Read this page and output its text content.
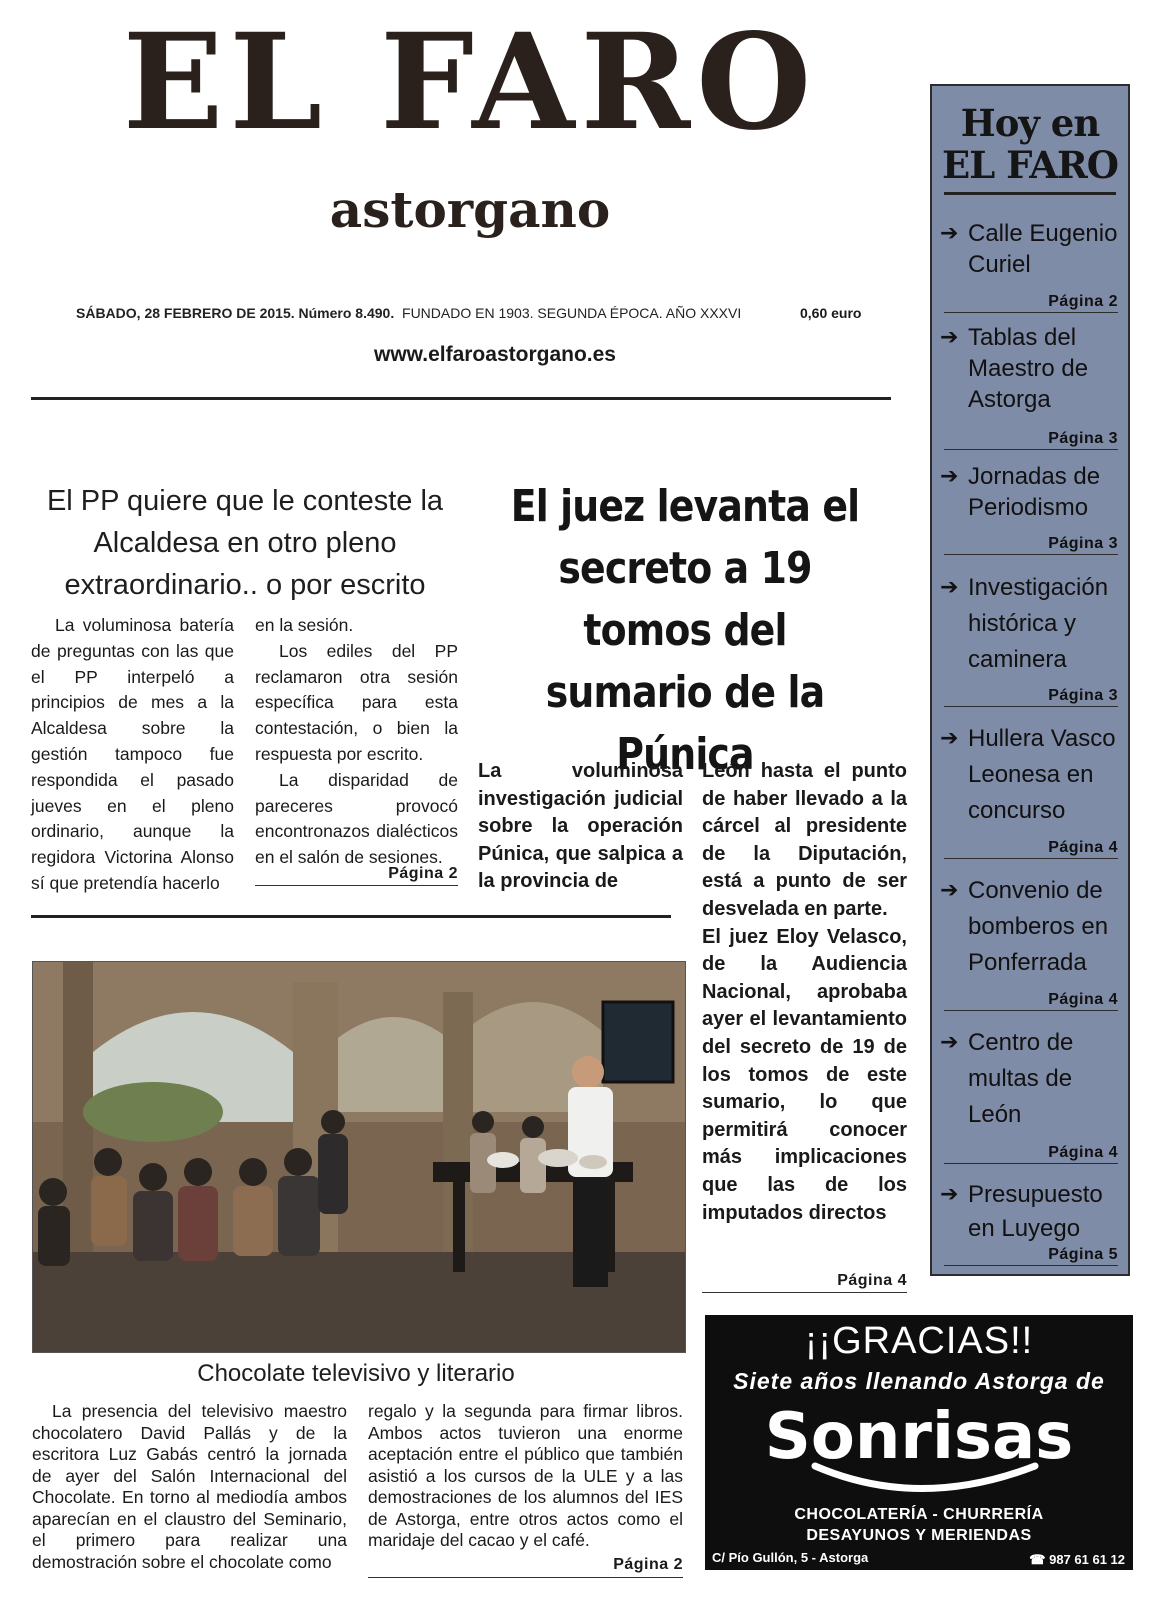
EL FARO
astorgano
SÁBADO, 28 FEBRERO DE 2015. Número 8.490. FUNDADO EN 1903. SEGUNDA ÉPOCA. AÑO XXXVI	0,60 euro
www.elfaroastorgano.es
El PP quiere que le conteste la Alcaldesa en otro pleno extraordinario.. o por escrito

La voluminosa batería de preguntas con las que el PP interpeló a principios de mes a la Alcaldesa sobre la gestión tampoco fue respondida el pasado jueves en el pleno ordinario, aunque la regidora Victorina Alonso sí que pretendía hacerlo

en la sesión.

Los ediles del PP reclamaron otra sesión específica para esta contestación, o bien la respuesta por escrito.

La disparidad de pareceres provocó encontronazos dialécticos en el salón de sesiones.

Página 2
El juez levanta el secreto a 19 tomos del sumario de la Púnica

La voluminosa investigación judicial sobre la operación Púnica, que salpica a la provincia de

León hasta el punto de haber llevado a la cárcel al presidente de la Diputación, está a punto de ser desvelada en parte.

El juez Eloy Velasco, de la Audiencia Nacional, aprobaba ayer el levantamiento del secreto de 19 de los tomos de este sumario, lo que permitirá conocer más implicaciones que las de los imputados directos

Página 4
Chocolate televisivo y literario

La presencia del televisivo maestro chocolatero David Pallás y de la escritora Luz Gabás centró la jornada de ayer del Salón Internacional del Chocolate. En torno al mediodía ambos aparecían en el claustro del Seminario, el primero para realizar una demostración sobre el chocolate como

regalo y la segunda para firmar libros. Ambos actos tuvieron una enorme aceptación entre el público que también asistió a los cursos de la ULE y a las demostraciones de los alumnos del IES de Astorga, entre otros actos como el maridaje del cacao y el café.

Página 2
Hoy en
EL FARO
➔ Calle Eugenio Curiel
Página 2
➔ Tablas del Maestro de Astorga
Página 3
➔ Jornadas de Periodismo
Página 3
➔ Investigación histórica y caminera
Página 3
➔ Hullera Vasco Leonesa en concurso
Página 4
➔ Convenio de bomberos en Ponferrada
Página 4
➔ Centro de multas de León
Página 4
➔ Presupuesto en Luyego
Página 5
¡¡GRACIAS!!
Siete años llenando Astorga de
Sonrisas
CHOCOLATERÍA - CHURRERÍA
DESAYUNOS Y MERIENDAS
C/ Pío Gullón, 5 - Astorga	☎ 987 61 61 12
